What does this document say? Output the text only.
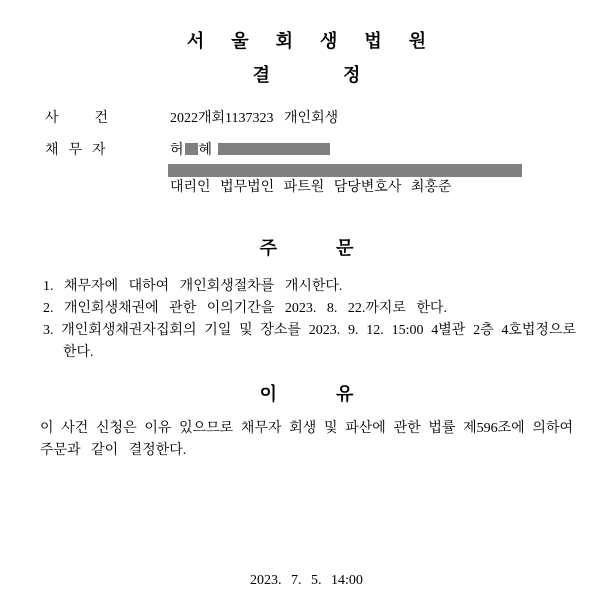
서울회생법원
결정
사건 2022개회1137323   개인회생
채무자	허 혜
대리인 법무법인 파트원 담당변호사 최홍준
주문
1. 채무자에 대하여 개인회생절차를 개시한다.
2. 개인회생채권에 관한 이의기간을 2023. 8. 22.까지로 한다.
3. 개인회생채권자집회의 기일 및 장소를 2023. 9. 12. 15:00 4별관 2층 4호법정으로
한다.
이유
이 사건 신청은 이유 있으므로 채무자 회생 및 파산에 관한 법률 제596조에 의하여
주문과 같이 결정한다.
2023. 7. 5. 14:00
